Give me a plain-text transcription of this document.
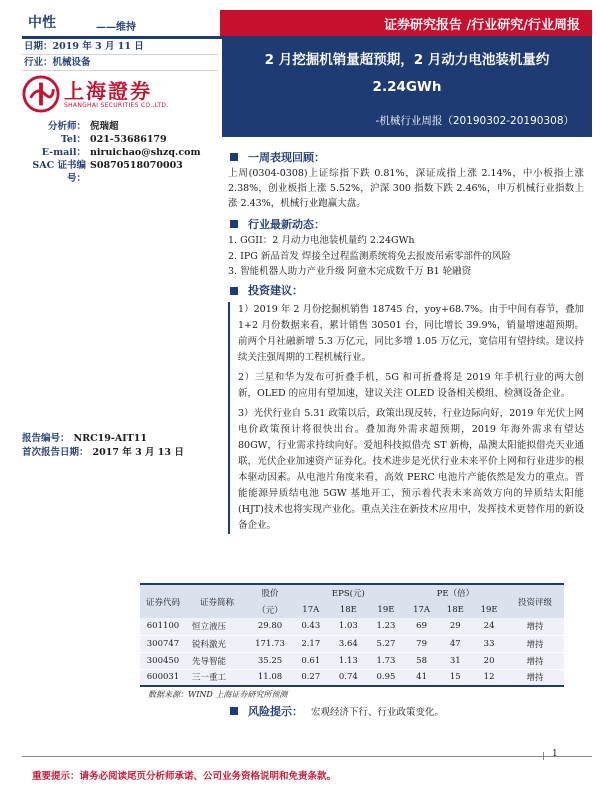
中性	——维持	证券研究报告 /行业研究/行业周报
日期：2019 年 3 月 11 日
行业：机械设备
上海證券
SHANGHAI SECURITIES CO.,LTD.
分析师： 倪瑞超
Tel： 021-53686179
E-mail： niruichao@shzq.com
SAC 证书编号：
S0870518070003
报告编号： NRC19-AIT11
首次报告日期： 2017 年 3 月 13 日
2 月挖掘机销量超预期，2 月动力电池装机量约
2.24GWh
-机械行业周报（20190302-20190308）
一周表现回顾：
上周(0304-0308)上证综指下跌 0.81%，深证成指上涨 2.14%，中小板指上涨 2.38%，创业板指上涨 5.52%，沪深 300 指数下跌 2.46%，申万机械行业指数上涨 2.43%，机械行业跑赢大盘。
行业最新动态：
1. GGII：2 月动力电池装机量约 2.24GWh
2. IPG 新品首发 焊接全过程监测系统将免去报废吊索零部件的风险
3. 智能机器人助力产业升级 阿童木完成数千万 B1 轮融资
投资建议：
1）2019 年 2 月份挖掘机销售 18745 台，yoy+68.7%。由于中间有春节，叠加 1+2 月份数据来看，累计销售 30501 台，同比增长 39.9%，销量增速超预期。前两个月社融新增 5.3 万亿元，同比多增 1.05 万亿元，宽信用有望持续。建议持续关注强周期的工程机械行业。
2）三星和华为发布可折叠手机，5G 和可折叠将是 2019 年手机行业的两大创新，OLED 的应用有望加速，建议关注 OLED 设备相关模组、检测设备企业。
3）光伏行业自 5.31 政策以后，政策出现反转，行业边际向好，2019 年光伏上网电价政策预计将很快出台。叠加海外需求超预期，2019 年海外需求有望达 80GW，行业需求持续向好。爱旭科技拟借壳 ST 新梅，晶澳太阳能拟借壳天业通联，光伏企业加速资产证券化。技术进步是光伏行业未来平价上网和行业进步的根本驱动因素。从电池片角度来看，高效 PERC 电池片产能依然是发力的重点。晋能能源异质结电池 5GW 基地开工，预示着代表未来高效方向的异质结太阳能(HJT)技术也将实现产业化。重点关注在新技术应用中，发挥技术更替作用的新设备企业。
证券代码	证券简称	股价	EPS(元)			PE（倍）			投资评级
		（元）	17A	18E	19E	17A	18E	19E	
601100	恒立液压	29.80	0.43	1.03	1.23	69	29	24	增持
300747	锐科激光	171.73	2.17	3.64	5.27	79	47	33	增持
300450	先导智能	35.25	0.61	1.13	1.73	58	31	20	增持
600031	三一重工	11.08	0.27	0.74	0.95	41	15	12	增持
数据来源：WIND 上海证券研究所预测
风险提示： 宏观经济下行、行业政策变化。
1
重要提示：请务必阅读尾页分析师承诺、公司业务资格说明和免责条款。
